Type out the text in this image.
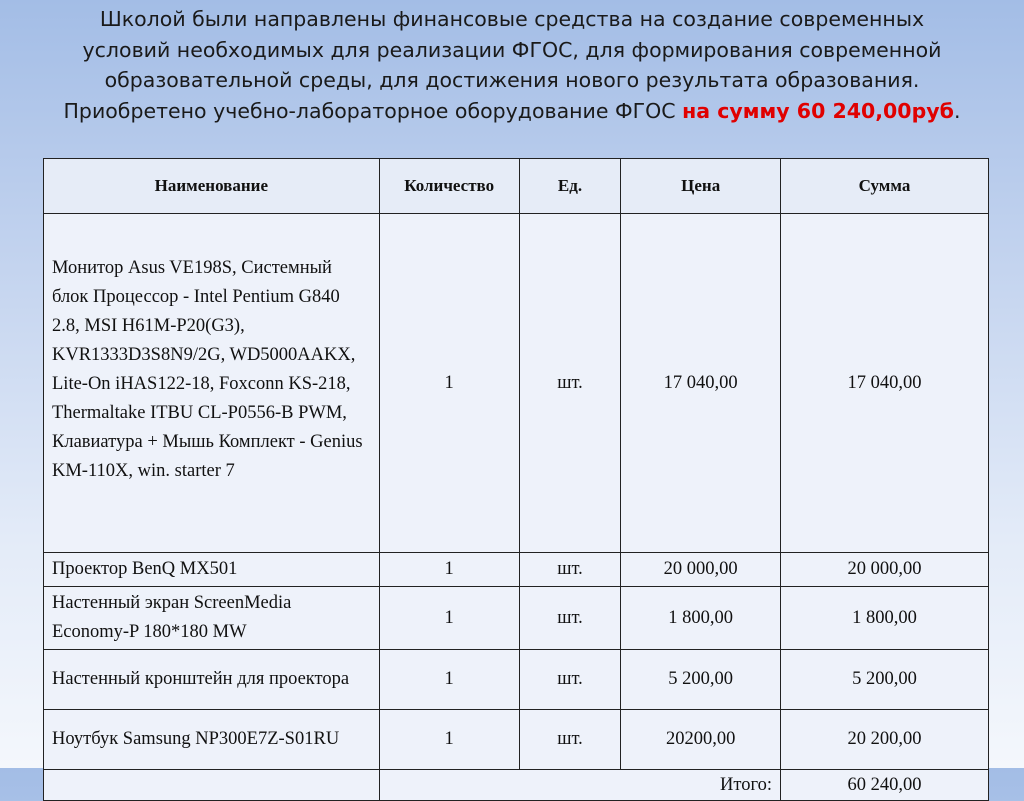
Школой были направлены финансовые средства на создание современных
условий необходимых для реализации ФГОС, для формирования современной
образовательной среды, для достижения нового результата образования.
Приобретено учебно-лабораторное оборудование ФГОС на сумму 60 240,00руб.
Наименование	Количество	Ед.	Цена	Сумма
Монитор Asus VE198S, Системный блок Процессор - Intel Pentium G840 2.8, MSI H61M-P20(G3), KVR1333D3S8N9/2G, WD5000AAKX, Lite-On iHAS122-18, Foxconn KS-218, Thermaltake ITBU CL-P0556-B PWM, Клавиатура + Мышь Комплект - Genius KM-110X, win. starter 7	1	шт.	17 040,00	17 040,00
Проектор BenQ MX501	1	шт.	20 000,00	20 000,00
Настенный экран ScreenMedia Economy-P 180*180 MW	1	шт.	1 800,00	1 800,00
Настенный кронштейн для проектора	1	шт.	5 200,00	5 200,00
Ноутбук Samsung NP300E7Z-S01RU	1	шт.	20200,00	20 200,00
	Итого:			60 240,00
